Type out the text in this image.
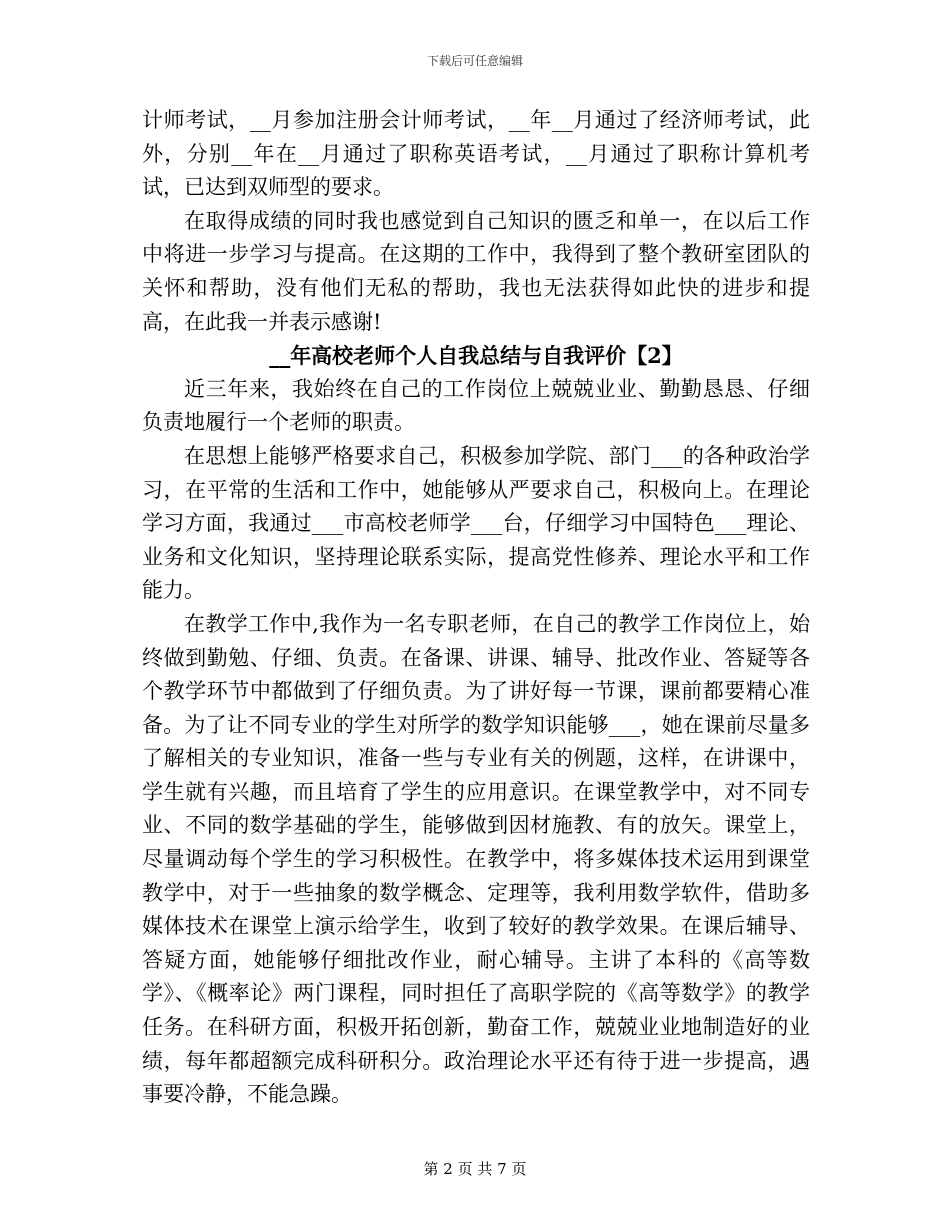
下载后可任意编辑

计师考试，__月参加注册会计师考试，__年__月通过了经济师考试，此外，分别__年在__月通过了职称英语考试，__月通过了职称计算机考试，已达到双师型的要求。

在取得成绩的同时我也感觉到自己知识的匮乏和单一，在以后工作中将进一步学习与提高。在这期的工作中，我得到了整个教研室团队的关怀和帮助，没有他们无私的帮助，我也无法获得如此快的进步和提高，在此我一并表示感谢!

__年高校老师个人自我总结与自我评价【2】

近三年来，我始终在自己的工作岗位上兢兢业业、勤勤恳恳、仔细负责地履行一个老师的职责。

在思想上能够严格要求自己，积极参加学院、部门___的各种政治学习，在平常的生活和工作中，她能够从严要求自己，积极向上。在理论学习方面，我通过___市高校老师学___台，仔细学习中国特色___理论、业务和文化知识，坚持理论联系实际，提高党性修养、理论水平和工作能力。

在教学工作中,我作为一名专职老师，在自己的教学工作岗位上，始终做到勤勉、仔细、负责。在备课、讲课、辅导、批改作业、答疑等各个教学环节中都做到了仔细负责。为了讲好每一节课，课前都要精心准备。为了让不同专业的学生对所学的数学知识能够___，她在课前尽量多了解相关的专业知识，准备一些与专业有关的例题，这样，在讲课中，学生就有兴趣，而且培育了学生的应用意识。在课堂教学中，对不同专业、不同的数学基础的学生，能够做到因材施教、有的放矢。课堂上，尽量调动每个学生的学习积极性。在教学中，将多媒体技术运用到课堂教学中，对于一些抽象的数学概念、定理等，我利用数学软件，借助多媒体技术在课堂上演示给学生，收到了较好的教学效果。在课后辅导、答疑方面，她能够仔细批改作业，耐心辅导。主讲了本科的《高等数学》、《概率论》两门课程，同时担任了高职学院的《高等数学》的教学任务。在科研方面，积极开拓创新，勤奋工作，兢兢业业地制造好的业绩，每年都超额完成科研积分。政治理论水平还有待于进一步提高，遇事要冷静，不能急躁。

第 2 页 共 7 页
